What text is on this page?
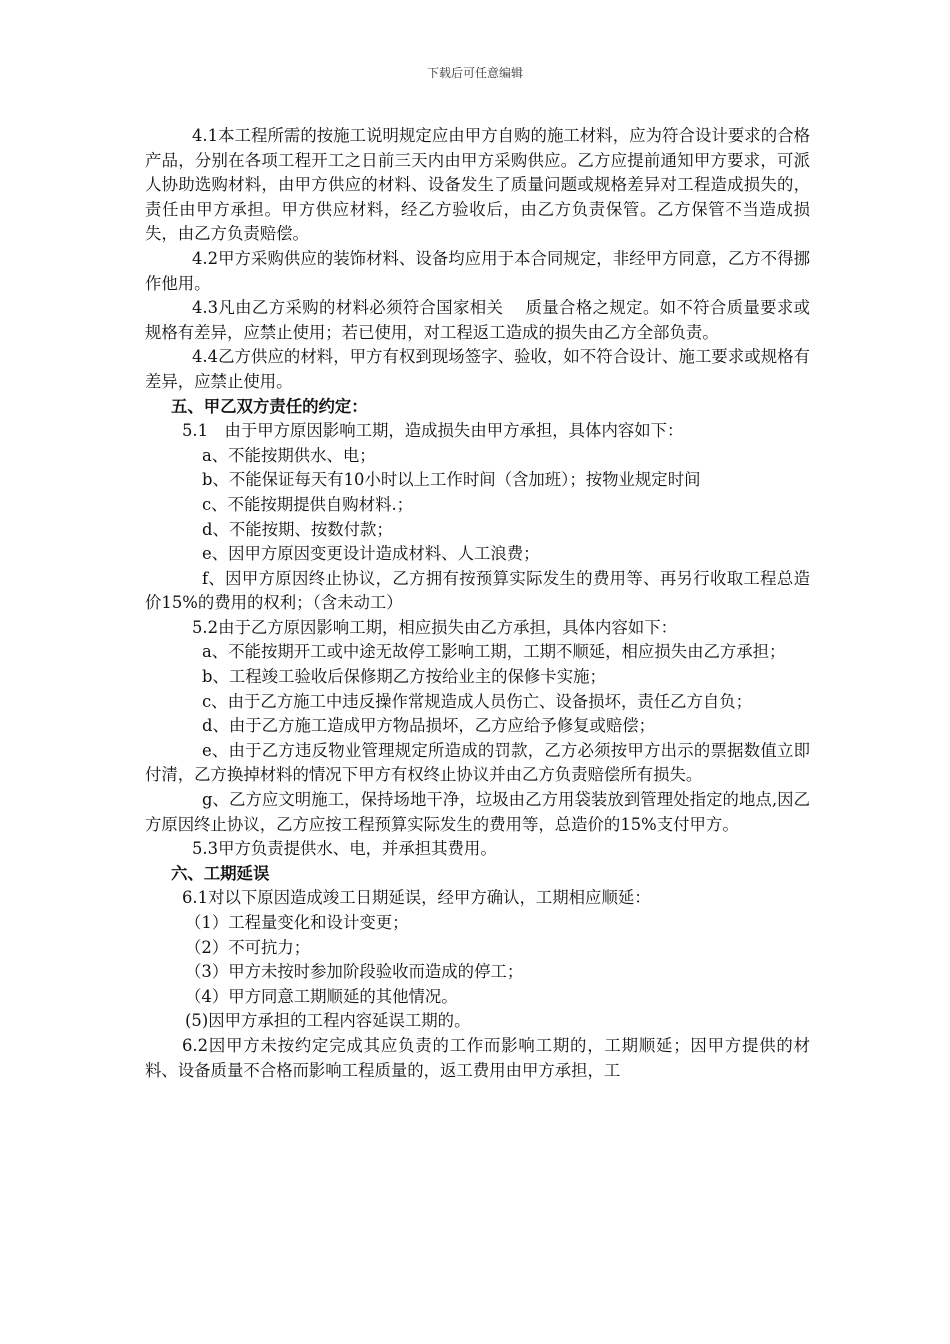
下载后可任意编辑

4.1本工程所需的按施工说明规定应由甲方自购的施工材料，应为符合设计要求的合格产品，分别在各项工程开工之日前三天内由甲方采购供应。乙方应提前通知甲方要求，可派人协助选购材料，由甲方供应的材料、设备发生了质量问题或规格差异对工程造成损失的，责任由甲方承担。甲方供应材料，经乙方验收后，由乙方负责保管。乙方保管不当造成损失，由乙方负责赔偿。

4.2甲方采购供应的装饰材料、设备均应用于本合同规定，非经甲方同意，乙方不得挪作他用。

4.3凡由乙方采购的材料必须符合国家相关　 质量合格之规定。如不符合质量要求或规格有差异，应禁止使用；若已使用，对工程返工造成的损失由乙方全部负责。

4.4乙方供应的材料，甲方有权到现场签字、验收，如不符合设计、施工要求或规格有差异，应禁止使用。

五、甲乙双方责任的约定：

5.1　由于甲方原因影响工期，造成损失由甲方承担，具体内容如下：

a、不能按期供水、电；

b、不能保证每天有10小时以上工作时间（含加班）；按物业规定时间

c、不能按期提供自购材料.；

d、不能按期、按数付款；

e、因甲方原因变更设计造成材料、人工浪费；

f、因甲方原因终止协议，乙方拥有按预算实际发生的费用等、再另行收取工程总造价15%的费用的权利；（含未动工）

5.2由于乙方原因影响工期，相应损失由乙方承担，具体内容如下：

a、不能按期开工或中途无故停工影响工期，工期不顺延，相应损失由乙方承担；

b、工程竣工验收后保修期乙方按给业主的保修卡实施；

c、由于乙方施工中违反操作常规造成人员伤亡、设备损坏，责任乙方自负；

d、由于乙方施工造成甲方物品损坏，乙方应给予修复或赔偿；

e、由于乙方违反物业管理规定所造成的罚款，乙方必须按甲方出示的票据数值立即付清，乙方换掉材料的情况下甲方有权终止协议并由乙方负责赔偿所有损失。

g、乙方应文明施工，保持场地干净，垃圾由乙方用袋装放到管理处指定的地点,因乙方原因终止协议，乙方应按工程预算实际发生的费用等，总造价的15%支付甲方。

5.3甲方负责提供水、电，并承担其费用。

六、工期延误

6.1对以下原因造成竣工日期延误，经甲方确认，工期相应顺延：

（1）工程量变化和设计变更；

（2）不可抗力；

（3）甲方未按时参加阶段验收而造成的停工；

（4）甲方同意工期顺延的其他情况。

(5)因甲方承担的工程内容延误工期的。

6.2因甲方未按约定完成其应负责的工作而影响工期的，工期顺延；因甲方提供的材料、设备质量不合格而影响工程质量的，返工费用由甲方承担，工
